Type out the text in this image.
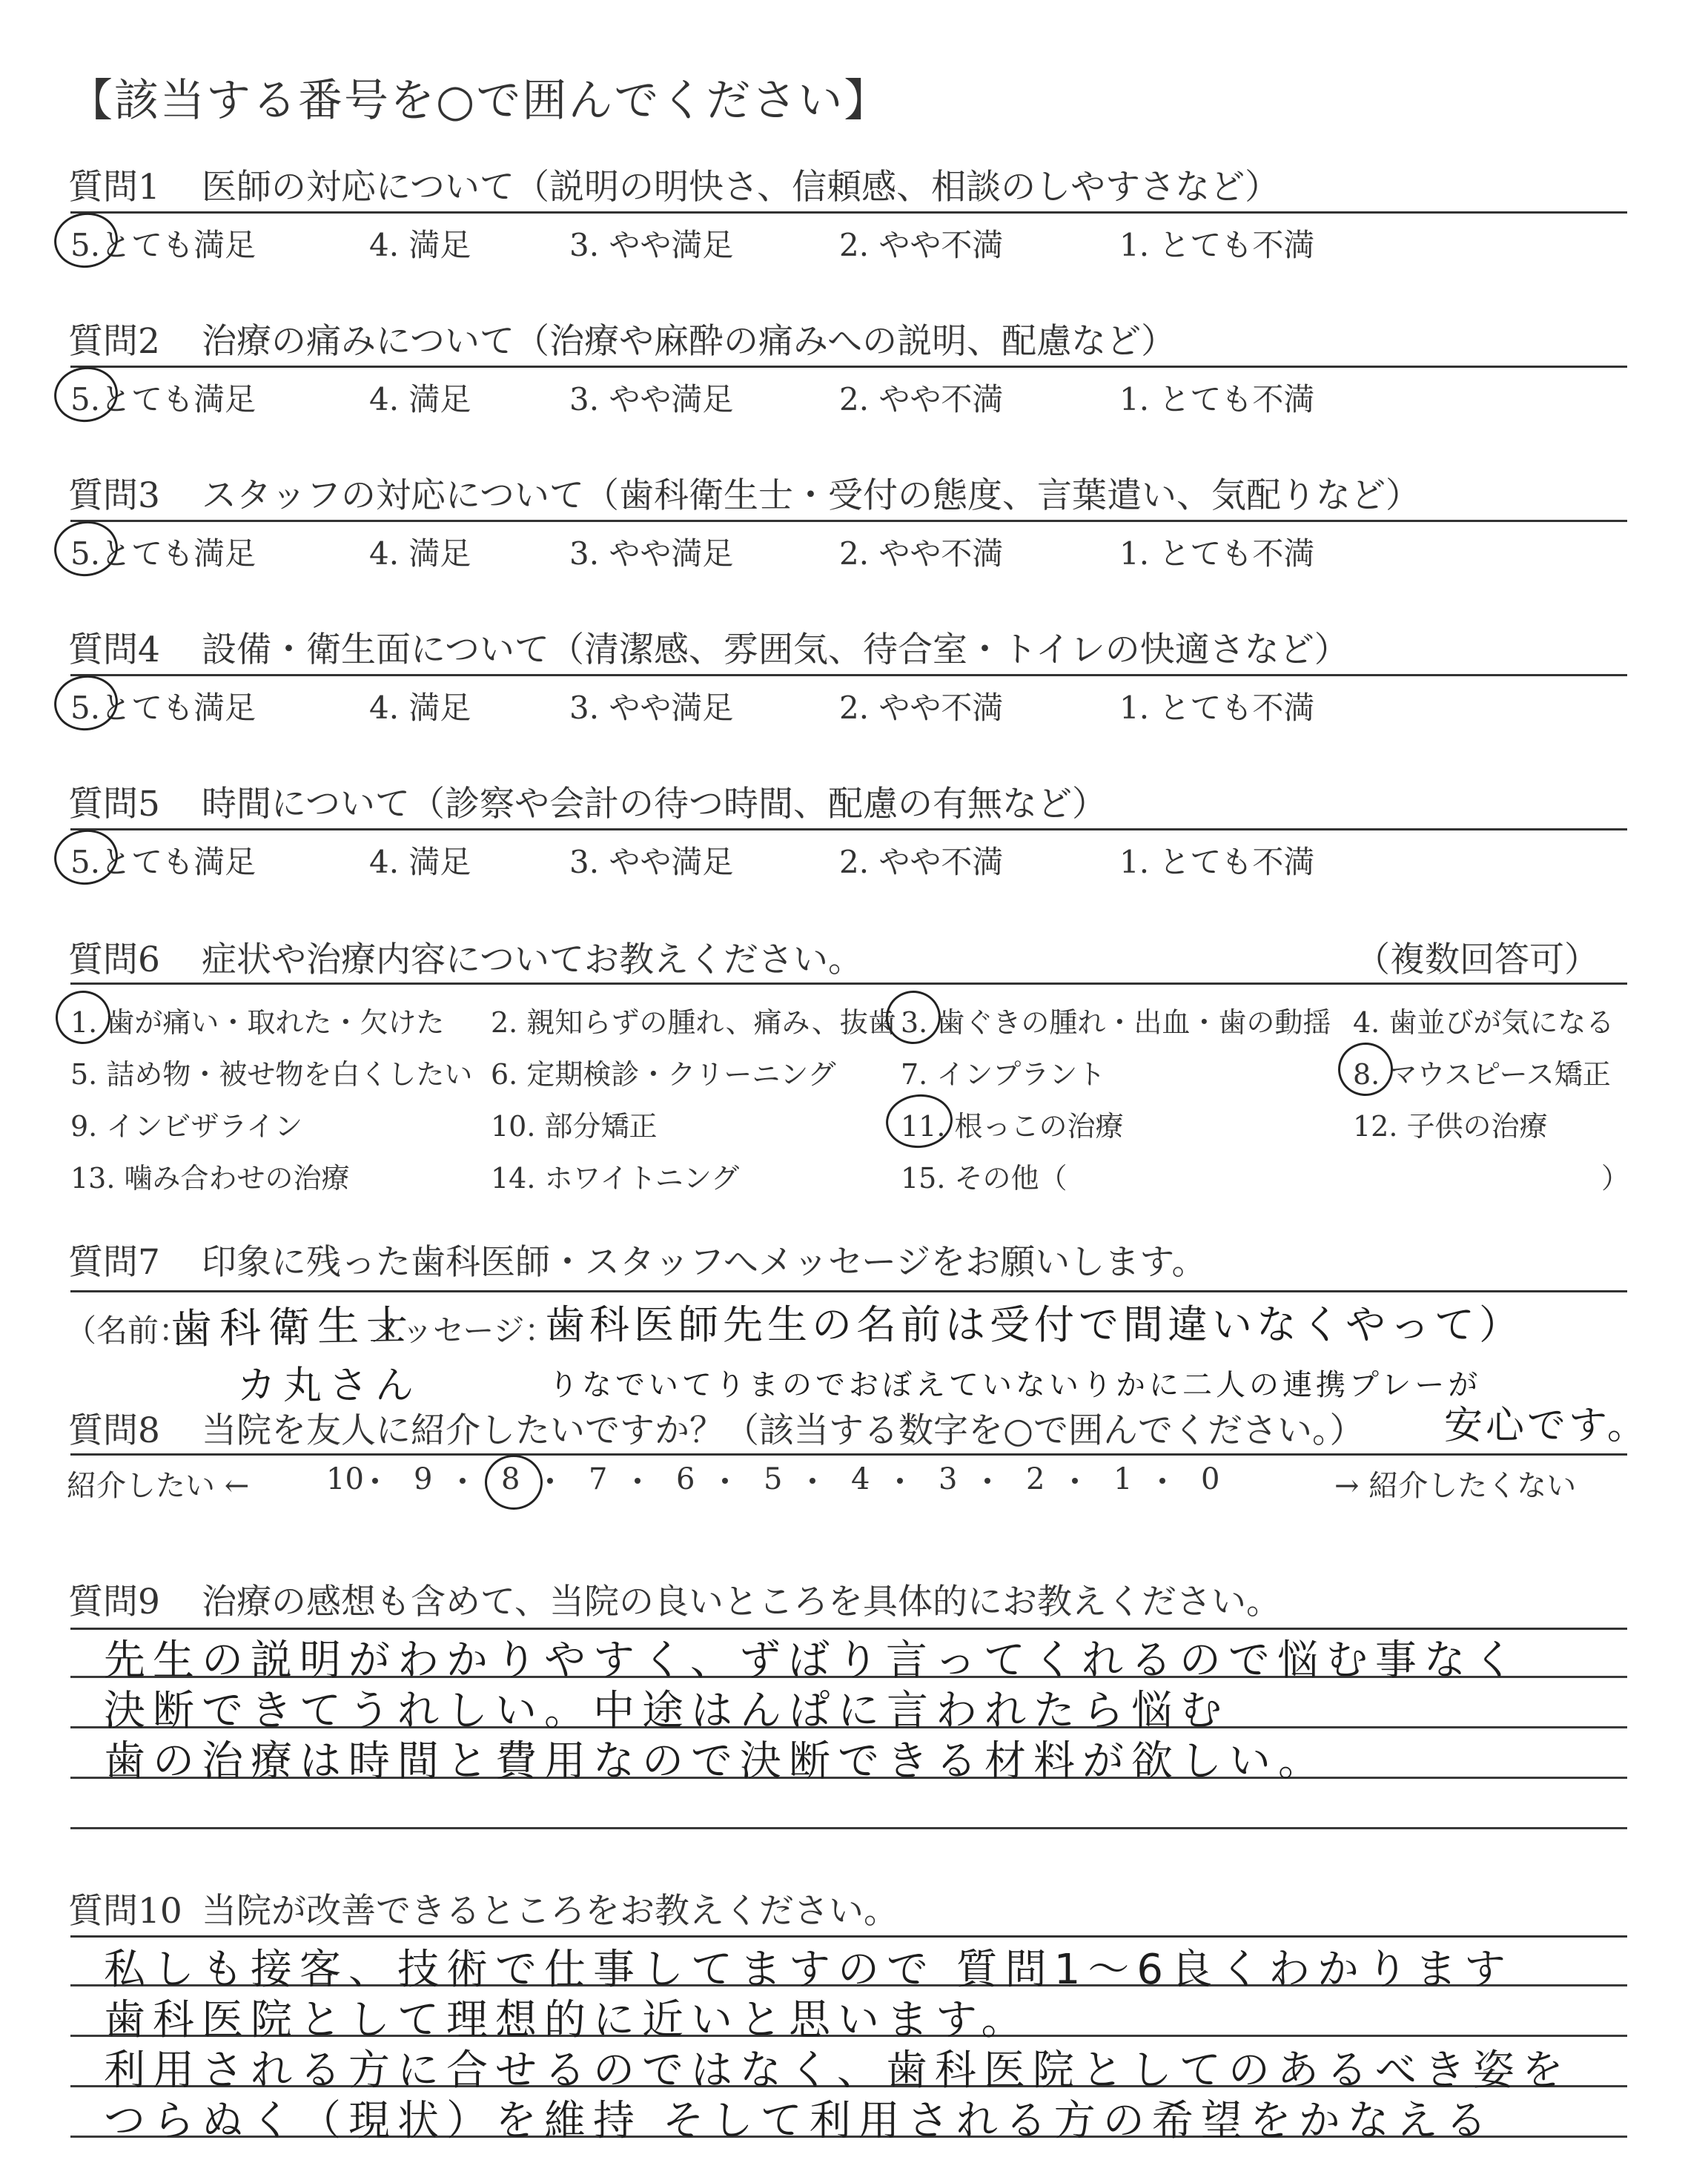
【該当する番号を○で囲んでください】
質問1 医師の対応について（説明の明快さ、信頼感、相談のしやすさなど）
5.とても満足	4. 満足	3. やや満足	2. やや不満	1. とても不満
質問2 治療の痛みについて（治療や麻酔の痛みへの説明、配慮など）
5.とても満足	4. 満足	3. やや満足	2. やや不満	1. とても不満
質問3 スタッフの対応について（歯科衛生士・受付の態度、言葉遣い、気配りなど）
5.とても満足	4. 満足	3. やや満足	2. やや不満	1. とても不満
質問4 設備・衛生面について（清潔感、雰囲気、待合室・トイレの快適さなど）
5.とても満足	4. 満足	3. やや満足	2. やや不満	1. とても不満
質問5 時間について（診察や会計の待つ時間、配慮の有無など）
5.とても満足	4. 満足	3. やや満足	2. やや不満	1. とても不満
質問6 症状や治療内容についてお教えください。	（複数回答可）
1. 歯が痛い・取れた・欠けた 2. 親知らずの腫れ、痛み、抜歯 3. 歯ぐきの腫れ・出血・歯の動揺 4. 歯並びが気になる
5. 詰め物・被せ物を白くしたい 6. 定期検診・クリーニング 7. インプラント	8. マウスピース矯正
9. インビザライン	10. 部分矯正	11. 根っこの治療	12. 子供の治療
13. 噛み合わせの治療	14. ホワイトニング	15. その他（	）
質問7 印象に残った歯科医師・スタッフへメッセージをお願いします。
（名前：	メッセージ：
歯科衛生士
カ丸さん
歯科医師先生の名前は受付で間違いなくやって）
りなでいてりまのでおぼえていないりかに二人の連携プレーが
質問8 当院を友人に紹介したいですか？（該当する数字を○で囲んでください。） 安心です。
紹介したい ←	→ 紹介したくない
10 9 8 7 6 5 4 3 2 1 0
質問9 治療の感想も含めて、当院の良いところを具体的にお教えください。
先生の説明がわかりやすく、ずばり言ってくれるので悩む事なく
決断できてうれしい。中途はんぱに言われたら悩む
歯の治療は時間と費用なので決断できる材料が欲しい。
質問10 当院が改善できるところをお教えください。
私しも接客、技術で仕事してますので 質問1〜6良くわかります
歯科医院として理想的に近いと思います。
利用される方に合せるのではなく、歯科医院としてのあるべき姿を
つらぬく（現状）を維持 そして利用される方の希望をかなえる
